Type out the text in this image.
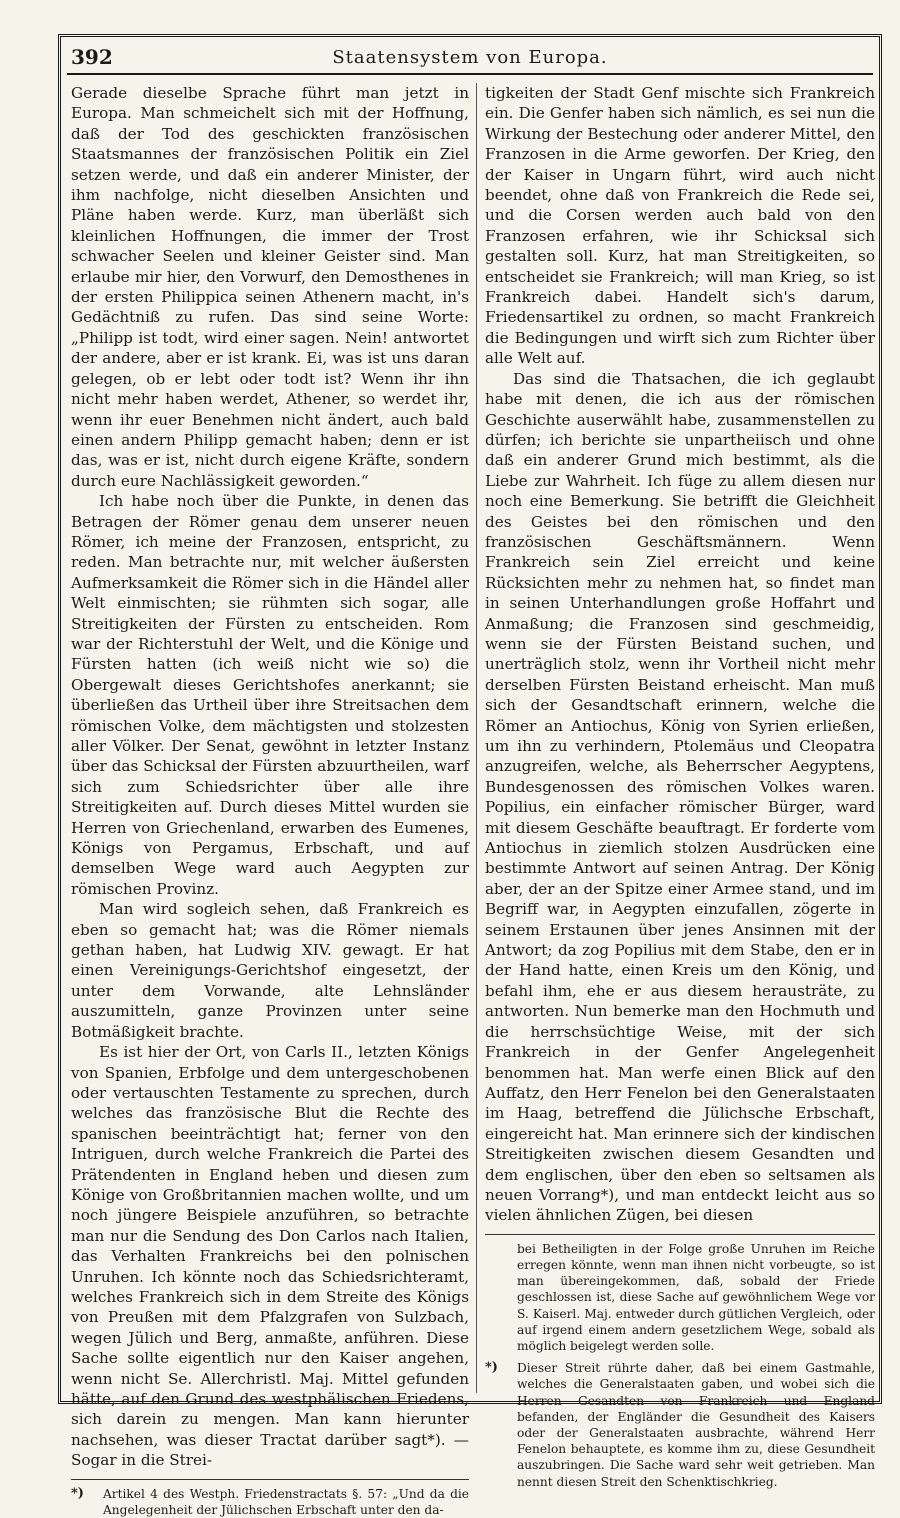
392	Staatensystem von Europa.

Gerade dieselbe Sprache führt man jetzt in Europa. Man schmeichelt sich mit der Hoffnung, daß der Tod des geschickten französischen Staatsmannes der französischen Politik ein Ziel setzen werde, und daß ein anderer Minister, der ihm nachfolge, nicht dieselben Ansichten und Pläne haben werde. Kurz, man überläßt sich kleinlichen Hoffnungen, die immer der Trost schwacher Seelen und kleiner Geister sind. Man erlaube mir hier, den Vorwurf, den Demosthenes in der ersten Philippica seinen Athenern macht, in's Gedächtniß zu rufen. Das sind seine Worte: „Philipp ist todt, wird einer sagen. Nein! antwortet der andere, aber er ist krank. Ei, was ist uns daran gelegen, ob er lebt oder todt ist? Wenn ihr ihn nicht mehr haben werdet, Athener, so werdet ihr, wenn ihr euer Benehmen nicht ändert, auch bald einen andern Philipp gemacht haben; denn er ist das, was er ist, nicht durch eigene Kräfte, sondern durch eure Nachlässigkeit geworden.“

Ich habe noch über die Punkte, in denen das Betragen der Römer genau dem unserer neuen Römer, ich meine der Franzosen, entspricht, zu reden. Man betrachte nur, mit welcher äußersten Aufmerksamkeit die Römer sich in die Händel aller Welt einmischten; sie rühmten sich sogar, alle Streitigkeiten der Fürsten zu entscheiden. Rom war der Richterstuhl der Welt, und die Könige und Fürsten hatten (ich weiß nicht wie so) die Obergewalt dieses Gerichtshofes anerkannt; sie überließen das Urtheil über ihre Streitsachen dem römischen Volke, dem mächtigsten und stolzesten aller Völker. Der Senat, gewöhnt in letzter Instanz über das Schicksal der Fürsten abzuurtheilen, warf sich zum Schiedsrichter über alle ihre Streitigkeiten auf. Durch dieses Mittel wurden sie Herren von Griechenland, erwarben des Eumenes, Königs von Pergamus, Erbschaft, und auf demselben Wege ward auch Aegypten zur römischen Provinz.

Man wird sogleich sehen, daß Frankreich es eben so gemacht hat; was die Römer niemals gethan haben, hat Ludwig XIV. gewagt. Er hat einen Vereinigungs-Gerichtshof eingesetzt, der unter dem Vorwande, alte Lehnsländer auszumitteln, ganze Provinzen unter seine Botmäßigkeit brachte.

Es ist hier der Ort, von Carls II., letzten Königs von Spanien, Erbfolge und dem untergeschobenen oder vertauschten Testamente zu sprechen, durch welches das französische Blut die Rechte des spanischen beeinträchtigt hat; ferner von den Intriguen, durch welche Frankreich die Partei des Prätendenten in England heben und diesen zum Könige von Großbritannien machen wollte, und um noch jüngere Beispiele anzuführen, so betrachte man nur die Sendung des Don Carlos nach Italien, das Verhalten Frankreichs bei den polnischen Unruhen. Ich könnte noch das Schiedsrichteramt, welches Frankreich sich in dem Streite des Königs von Preußen mit dem Pfalzgrafen von Sulzbach, wegen Jülich und Berg, anmaßte, anführen. Diese Sache sollte eigentlich nur den Kaiser angehen, wenn nicht Se. Allerchristl. Maj. Mittel gefunden hätte, auf den Grund des westphälischen Friedens, sich darein zu mengen. Man kann hierunter nachsehen, was dieser Tractat darüber sagt*). — Sogar in die Strei-

*)	Artikel 4 des Westph. Friedenstractats §. 57: „Und da die Angelegenheit der Jülichschen Erbschaft unter den da-

tigkeiten der Stadt Genf mischte sich Frankreich ein. Die Genfer haben sich nämlich, es sei nun die Wirkung der Bestechung oder anderer Mittel, den Franzosen in die Arme geworfen. Der Krieg, den der Kaiser in Ungarn führt, wird auch nicht beendet, ohne daß von Frankreich die Rede sei, und die Corsen werden auch bald von den Franzosen erfahren, wie ihr Schicksal sich gestalten soll. Kurz, hat man Streitigkeiten, so entscheidet sie Frankreich; will man Krieg, so ist Frankreich dabei. Handelt sich's darum, Friedensartikel zu ordnen, so macht Frankreich die Bedingungen und wirft sich zum Richter über alle Welt auf.

Das sind die Thatsachen, die ich geglaubt habe mit denen, die ich aus der römischen Geschichte auserwählt habe, zusammenstellen zu dürfen; ich berichte sie unpartheiisch und ohne daß ein anderer Grund mich bestimmt, als die Liebe zur Wahrheit. Ich füge zu allem diesen nur noch eine Bemerkung. Sie betrifft die Gleichheit des Geistes bei den römischen und den französischen Geschäftsmännern. Wenn Frankreich sein Ziel erreicht und keine Rücksichten mehr zu nehmen hat, so findet man in seinen Unterhandlungen große Hoffahrt und Anmaßung; die Franzosen sind geschmeidig, wenn sie der Fürsten Beistand suchen, und unerträglich stolz, wenn ihr Vortheil nicht mehr derselben Fürsten Beistand erheischt. Man muß sich der Gesandtschaft erinnern, welche die Römer an Antiochus, König von Syrien erließen, um ihn zu verhindern, Ptolemäus und Cleopatra anzugreifen, welche, als Beherrscher Aegyptens, Bundesgenossen des römischen Volkes waren. Popilius, ein einfacher römischer Bürger, ward mit diesem Geschäfte beauftragt. Er forderte vom Antiochus in ziemlich stolzen Ausdrücken eine bestimmte Antwort auf seinen Antrag. Der König aber, der an der Spitze einer Armee stand, und im Begriff war, in Aegypten einzufallen, zögerte in seinem Erstaunen über jenes Ansinnen mit der Antwort; da zog Popilius mit dem Stabe, den er in der Hand hatte, einen Kreis um den König, und befahl ihm, ehe er aus diesem herausträte, zu antworten. Nun bemerke man den Hochmuth und die herrschsüchtige Weise, mit der sich Frankreich in der Genfer Angelegenheit benommen hat. Man werfe einen Blick auf den Auffatz, den Herr Fenelon bei den Generalstaaten im Haag, betreffend die Jülichsche Erbschaft, eingereicht hat. Man erinnere sich der kindischen Streitigkeiten zwischen diesem Gesandten und dem englischen, über den eben so seltsamen als neuen Vorrang*), und man entdeckt leicht aus so vielen ähnlichen Zügen, bei diesen

bei Betheiligten in der Folge große Unruhen im Reiche erregen könnte, wenn man ihnen nicht vorbeugte, so ist man übereingekommen, daß, sobald der Friede geschlossen ist, diese Sache auf gewöhnlichem Wege vor S. Kaiserl. Maj. entweder durch gütlichen Vergleich, oder auf irgend einem andern gesetzlichem Wege, sobald als möglich beigelegt werden solle.
*)	Dieser Streit rührte daher, daß bei einem Gastmahle, welches die Generalstaaten gaben, und wobei sich die Herren Gesandten von Frankreich und England befanden, der Engländer die Gesundheit des Kaisers oder der Generalstaaten ausbrachte, während Herr Fenelon behauptete, es komme ihm zu, diese Gesundheit auszubringen. Die Sache ward sehr weit getrieben. Man nennt diesen Streit den Schenktischkrieg.
